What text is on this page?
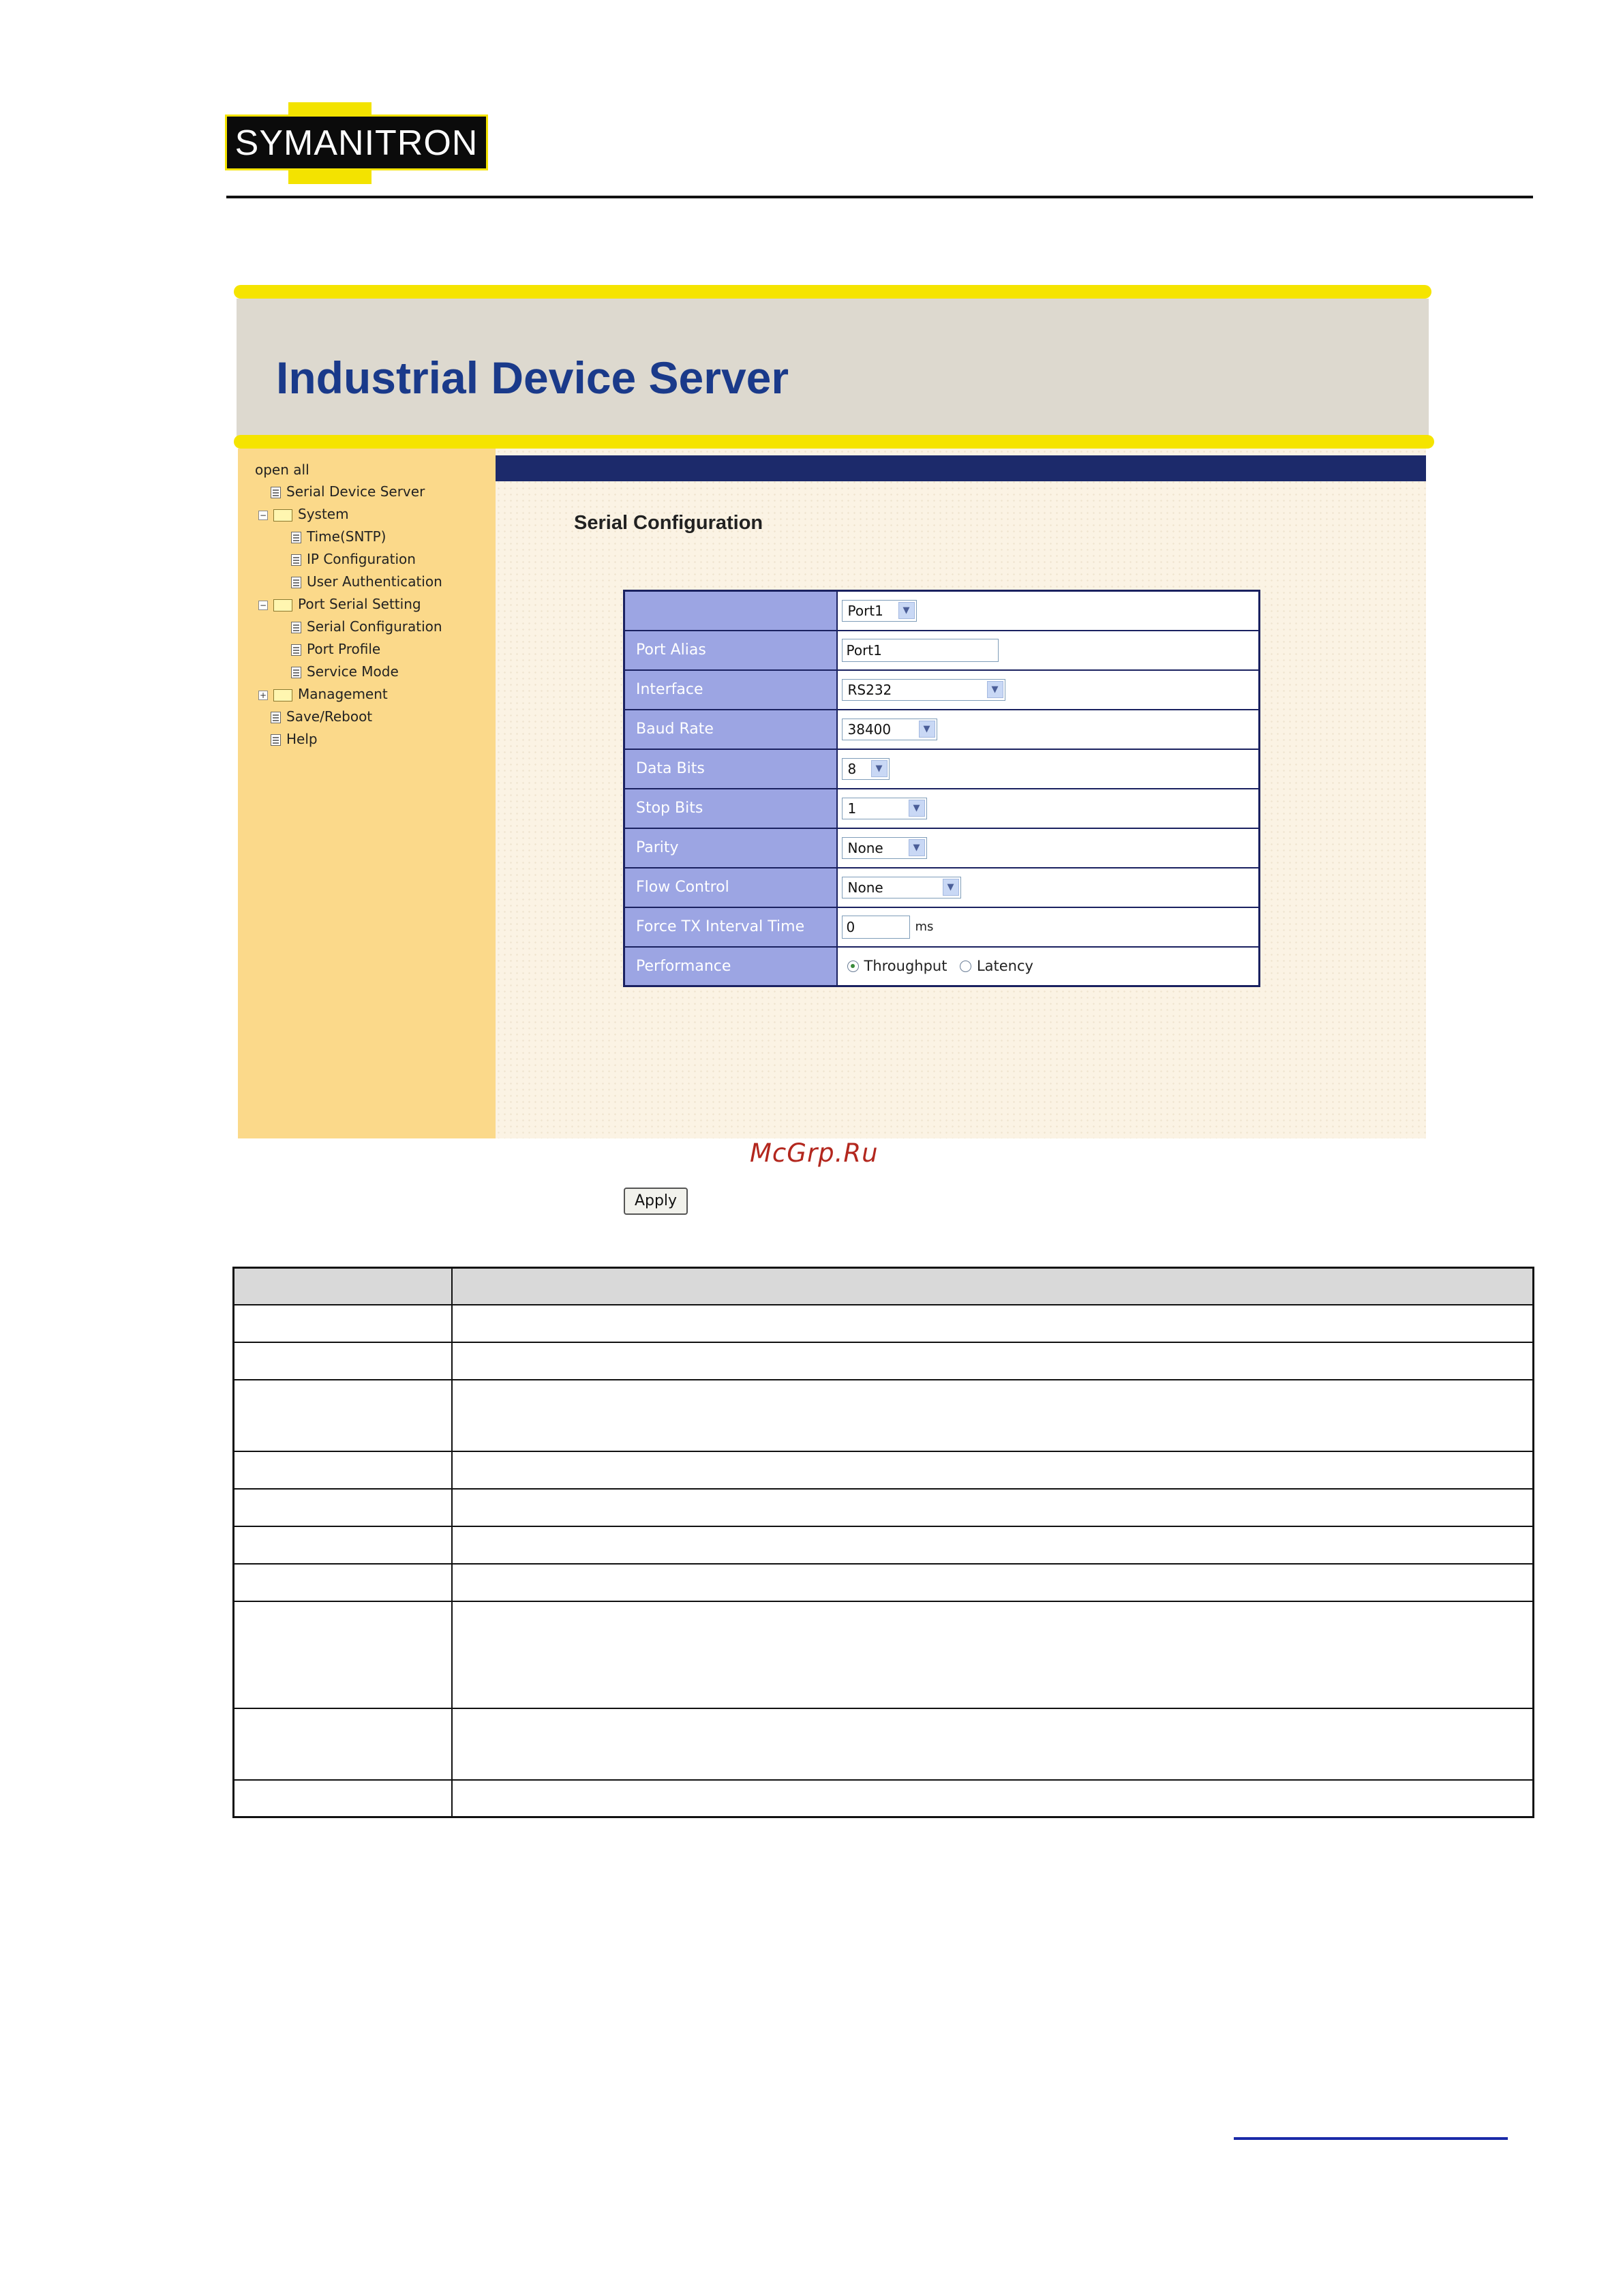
SYMANITRON
Industrial Device Server
open all
Serial Device Server
− System
Time(SNTP)
IP Configuration
User Authentication
− Port Serial Setting
Serial Configuration
Port Profile
Service Mode
+ Management
Save/Reboot
Help
Serial Configuration
	Port1 ▼

Port Alias	Port1
Interface	RS232 ▼

Baud Rate	38400 ▼

Data Bits	8 ▼

Stop Bits	1 ▼

Parity	None ▼

Flow Control	None ▼

Force TX Interval Time	0 ms
Performance	Throughput Latency
Apply
McGrp.Ru
